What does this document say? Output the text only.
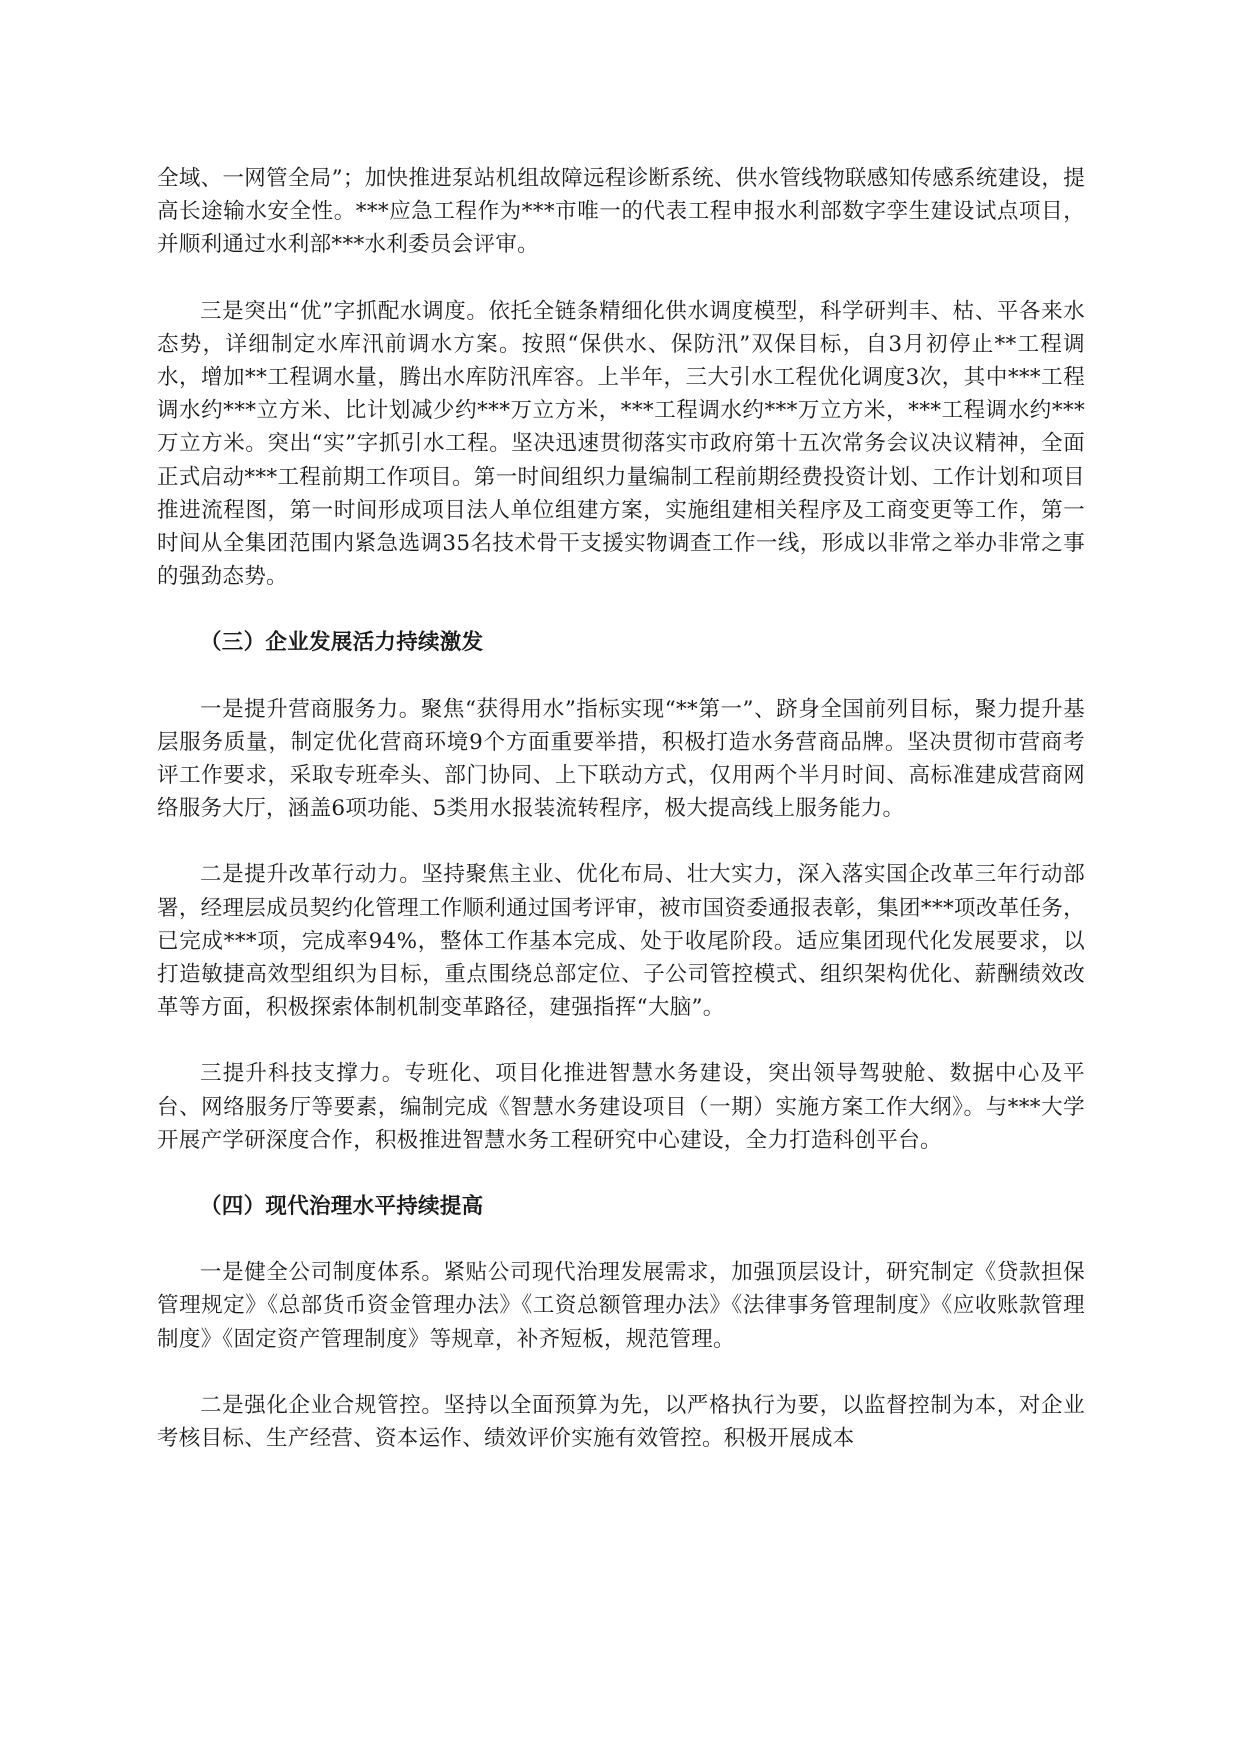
全域、一网管全局”；加快推进泵站机组故障远程诊断系统、供水管线物联感知传感系统建设，提高长途输水安全性。***应急工程作为***市唯一的代表工程申报水利部数字孪生建设试点项目，并顺利通过水利部***水利委员会评审。

三是突出“优”字抓配水调度。依托全链条精细化供水调度模型，科学研判丰、枯、平各来水态势，详细制定水库汛前调水方案。按照“保供水、保防汛”双保目标，自3月初停止**工程调水，增加**工程调水量，腾出水库防汛库容。上半年，三大引水工程优化调度3次，其中***工程调水约***立方米、比计划减少约***万立方米，***工程调水约***万立方米，***工程调水约***万立方米。突出“实”字抓引水工程。坚决迅速贯彻落实市政府第十五次常务会议决议精神，全面正式启动***工程前期工作项目。第一时间组织力量编制工程前期经费投资计划、工作计划和项目推进流程图，第一时间形成项目法人单位组建方案，实施组建相关程序及工商变更等工作，第一时间从全集团范围内紧急选调35名技术骨干支援实物调查工作一线，形成以非常之举办非常之事的强劲态势。

（三）企业发展活力持续激发

一是提升营商服务力。聚焦“获得用水”指标实现“**第一”、跻身全国前列目标，聚力提升基层服务质量，制定优化营商环境9个方面重要举措，积极打造水务营商品牌。坚决贯彻市营商考评工作要求，采取专班牵头、部门协同、上下联动方式，仅用两个半月时间、高标准建成营商网络服务大厅，涵盖6项功能、5类用水报装流转程序，极大提高线上服务能力。

二是提升改革行动力。坚持聚焦主业、优化布局、壮大实力，深入落实国企改革三年行动部署，经理层成员契约化管理工作顺利通过国考评审，被市国资委通报表彰，集团***项改革任务，已完成***项，完成率94%，整体工作基本完成、处于收尾阶段。适应集团现代化发展要求，以打造敏捷高效型组织为目标，重点围绕总部定位、子公司管控模式、组织架构优化、薪酬绩效改革等方面，积极探索体制机制变革路径，建强指挥“大脑”。

三提升科技支撑力。专班化、项目化推进智慧水务建设，突出领导驾驶舱、数据中心及平台、网络服务厅等要素，编制完成《智慧水务建设项目（一期）实施方案工作大纲》。与***大学开展产学研深度合作，积极推进智慧水务工程研究中心建设，全力打造科创平台。

（四）现代治理水平持续提高

一是健全公司制度体系。紧贴公司现代治理发展需求，加强顶层设计，研究制定《贷款担保管理规定》《总部货币资金管理办法》《工资总额管理办法》《法律事务管理制度》《应收账款管理制度》《固定资产管理制度》等规章，补齐短板，规范管理。

二是强化企业合规管控。坚持以全面预算为先，以严格执行为要，以监督控制为本，对企业考核目标、生产经营、资本运作、绩效评价实施有效管控。积极开展成本
